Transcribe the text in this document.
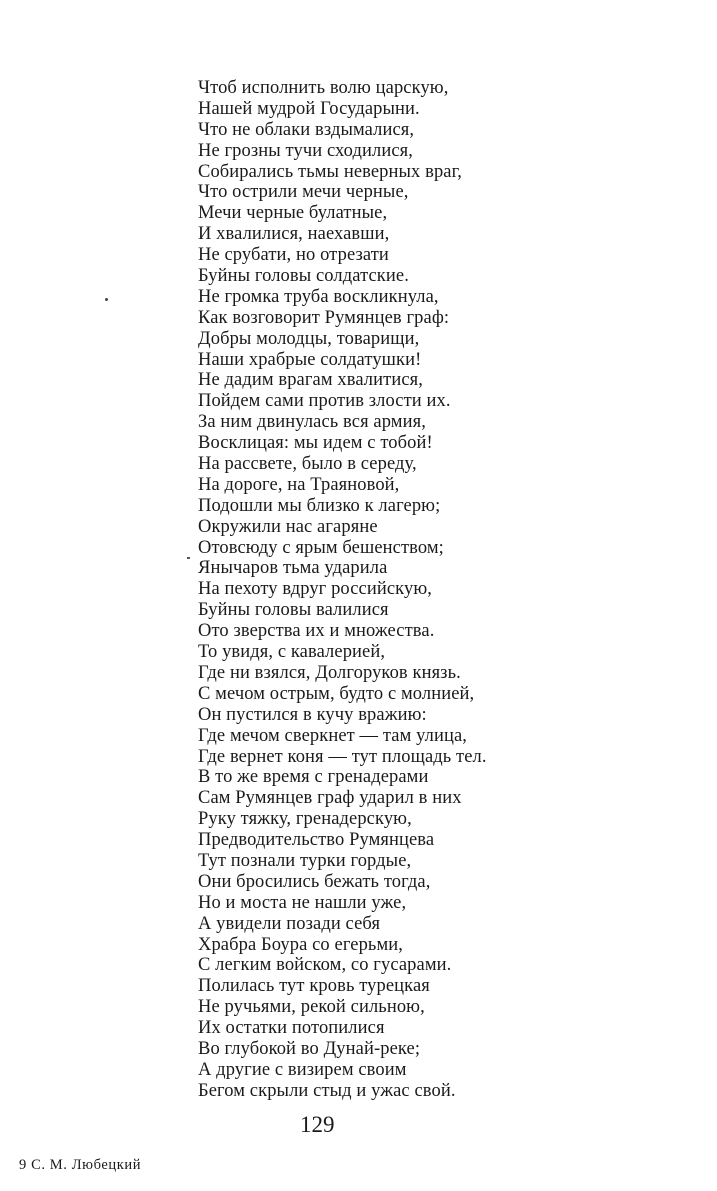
Чтоб исполнить волю царскую,
Нашей мудрой Государыни.
Что не облаки вздымалися,
Не грозны тучи сходилися,
Собирались тьмы неверных враг,
Что острили мечи черные,
Мечи черные булатные,
И хвалилися, наехавши,
Не срубати, но отрезати
Буйны головы солдатские.
Не громка труба воскликнула,
Как возговорит Румянцев граф:
Добры молодцы, товарищи,
Наши храбрые солдатушки!
Не дадим врагам хвалитися,
Пойдем сами против злости их.
За ним двинулась вся армия,
Восклицая: мы идем с тобой!
На рассвете, было в середу,
На дороге, на Траяновой,
Подошли мы близко к лагерю;
Окружили нас агаряне
Отовсюду с ярым бешенством;
Янычаров тьма ударила
На пехоту вдруг российскую,
Буйны головы валилися
Ото зверства их и множества.
То увидя, с кавалерией,
Где ни взялся, Долгоруков князь.
С мечом острым, будто с молнией,
Он пустился в кучу вражию:
Где мечом сверкнет — там улица,
Где вернет коня — тут площадь тел.
В то же время с гренадерами
Сам Румянцев граф ударил в них
Руку тяжку, гренадерскую,
Предводительство Румянцева
Тут познали турки гордые,
Они бросились бежать тогда,
Но и моста не нашли уже,
А увидели позади себя
Храбра Боура со егерьми,
С легким войском, со гусарами.
Полилась тут кровь турецкая
Не ручьями, рекой сильною,
Их остатки потопилися
Во глубокой во Дунай-реке;
А другие с визирем своим
Бегом скрыли стыд и ужас свой.
129
9 С. М. Любецкий
